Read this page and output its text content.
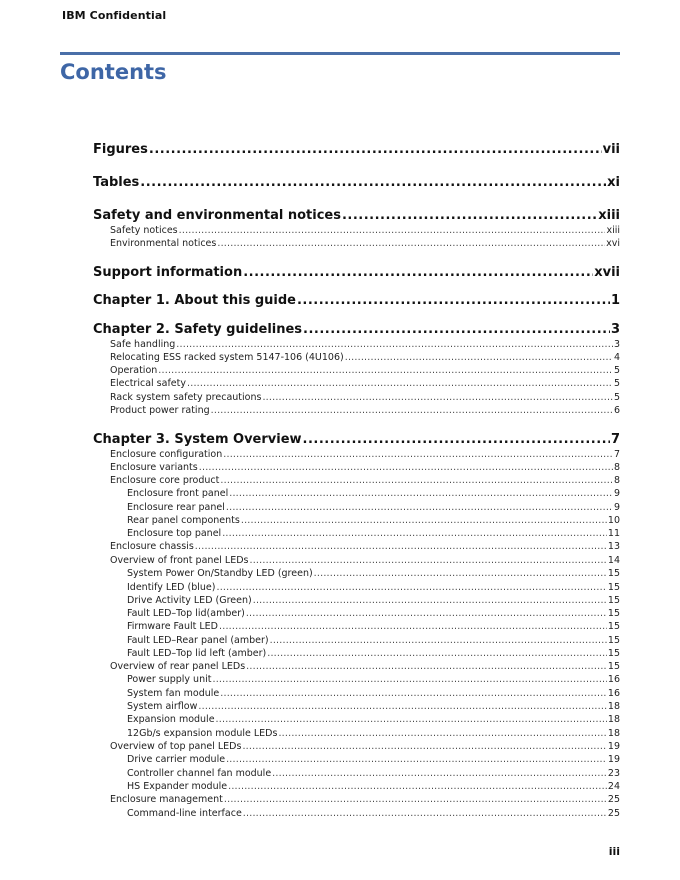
IBM Confidential
Contents
Figures .....	vii
Tables .....	xi
Safety and environmental notices .....	xiii
Safety notices .....	xiii
Environmental notices .....	xvi
Support information .....	xvii
Chapter 1. About this guide .....	1
Chapter 2. Safety guidelines .....	3
Safe handling .....	3
Relocating ESS racked system 5147-106 (4U106) .....	4
Operation .....	5
Electrical safety .....	5
Rack system safety precautions .....	5
Product power rating .....	6
Chapter 3. System Overview .....	7
Enclosure configuration .....	7
Enclosure variants .....	8
Enclosure core product .....	8
Enclosure front panel .....	9
Enclosure rear panel .....	9
Rear panel components .....	10
Enclosure top panel .....	11
Enclosure chassis .....	13
Overview of front panel LEDs .....	14
System Power On/Standby LED (green) .....	15
Identify LED (blue) .....	15
Drive Activity LED (Green) .....	15
Fault LED–Top lid(amber) .....	15
Firmware Fault LED .....	15
Fault LED–Rear panel (amber) .....	15
Fault LED–Top lid left (amber) .....	15
Overview of rear panel LEDs .....	15
Power supply unit .....	16
System fan module .....	16
System airflow .....	18
Expansion module .....	18
12Gb/s expansion module LEDs .....	18
Overview of top panel LEDs .....	19
Drive carrier module .....	19
Controller channel fan module .....	23
HS Expander module .....	24
Enclosure management .....	25
Command-line interface .....	25
iii
